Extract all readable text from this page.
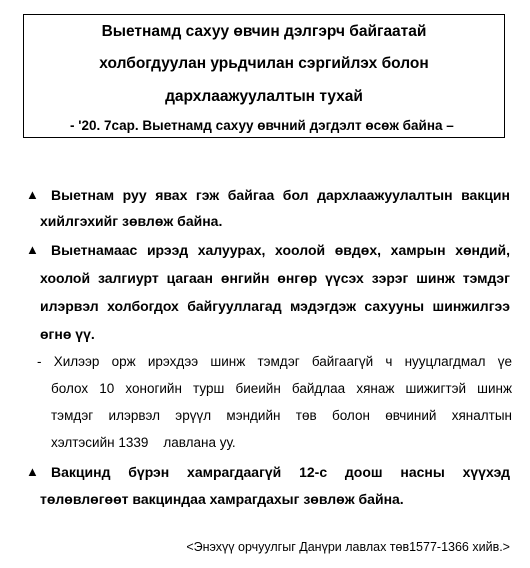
Выетнамд сахуу өвчин дэлгэрч байгаатай
холбогдуулан урьдчилан сэргийлэх болон
дархлаажуулалтын тухай
- '20. 7сар. Выетнамд сахуу өвчний дэгдэлт өсөж байна –
▲ Выетнам руу явах гэж байгаа бол дархлаажуулалтын вакцин
хийлгэхийг зөвлөж байна.
▲ Выетнамаас ирээд халуурах, хоолой өвдөх, хамрын хөндий,
хоолой залгиурт цагаан өнгийн өнгөр үүсэх зэрэг шинж тэмдэг
илэрвэл холбогдох байгууллагад мэдэгдэж сахууны шинжилгээ
өгнө үү.
- Хилээр орж ирэхдээ шинж тэмдэг байгаагүй ч нууцлагдмал үе
болох 10 хоногийн турш биеийн байдлаа хянаж шижигтэй шинж
тэмдэг илэрвэл эрүүл мэндийн төв болон өвчиний хяналтын
хэлтэсийн 1339    лавлана уу.
▲ Вакцинд бүрэн хамрагдаагүй 12-с доош насны хүүхэд
төлөвлөгөөт вакциндаа хамрагдахыг зөвлөж байна.
<Энэхүү орчуулгыг Данүри лавлах төв1577-1366 хийв.>
